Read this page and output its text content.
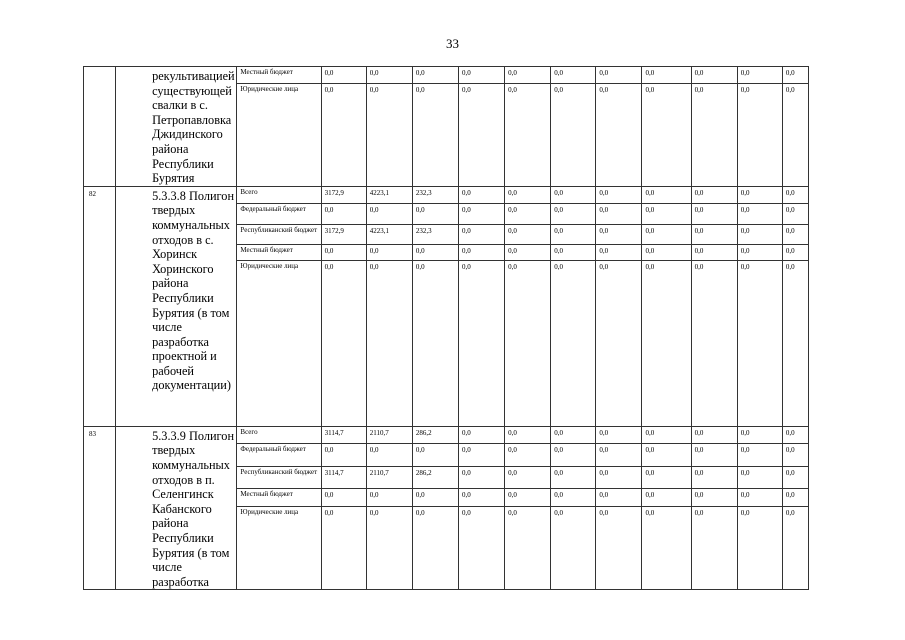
33
	рекультивацией существующей свалки в с. Петропавловка Джидинского района Республики Бурятия	Местный бюджет	0,0	0,0	0,0	0,0	0,0	0,0	0,0	0,0	0,0	0,0	0,0
		Юридические лица	0,0	0,0	0,0	0,0	0,0	0,0	0,0	0,0	0,0	0,0	0,0
82	5.3.3.8 Полигон твердых коммунальных отходов в с. Хоринск Хоринского района Республики Бурятия (в том числе разработка проектной и рабочей документации)	Всего	3172,9	4223,1	232,3	0,0	0,0	0,0	0,0	0,0	0,0	0,0	0,0
		Федеральный бюджет	0,0	0,0	0,0	0,0	0,0	0,0	0,0	0,0	0,0	0,0	0,0
		Республиканский бюджет	3172,9	4223,1	232,3	0,0	0,0	0,0	0,0	0,0	0,0	0,0	0,0
		Местный бюджет	0,0	0,0	0,0	0,0	0,0	0,0	0,0	0,0	0,0	0,0	0,0
		Юридические лица	0,0	0,0	0,0	0,0	0,0	0,0	0,0	0,0	0,0	0,0	0,0
83	5.3.3.9 Полигон твердых коммунальных отходов в п. Селенгинск Кабанского района Республики Бурятия (в том числе разработка	Всего	3114,7	2110,7	286,2	0,0	0,0	0,0	0,0	0,0	0,0	0,0	0,0
		Федеральный бюджет	0,0	0,0	0,0	0,0	0,0	0,0	0,0	0,0	0,0	0,0	0,0
		Республиканский бюджет	3114,7	2110,7	286,2	0,0	0,0	0,0	0,0	0,0	0,0	0,0	0,0
		Местный бюджет	0,0	0,0	0,0	0,0	0,0	0,0	0,0	0,0	0,0	0,0	0,0
		Юридические лица	0,0	0,0	0,0	0,0	0,0	0,0	0,0	0,0	0,0	0,0	0,0
